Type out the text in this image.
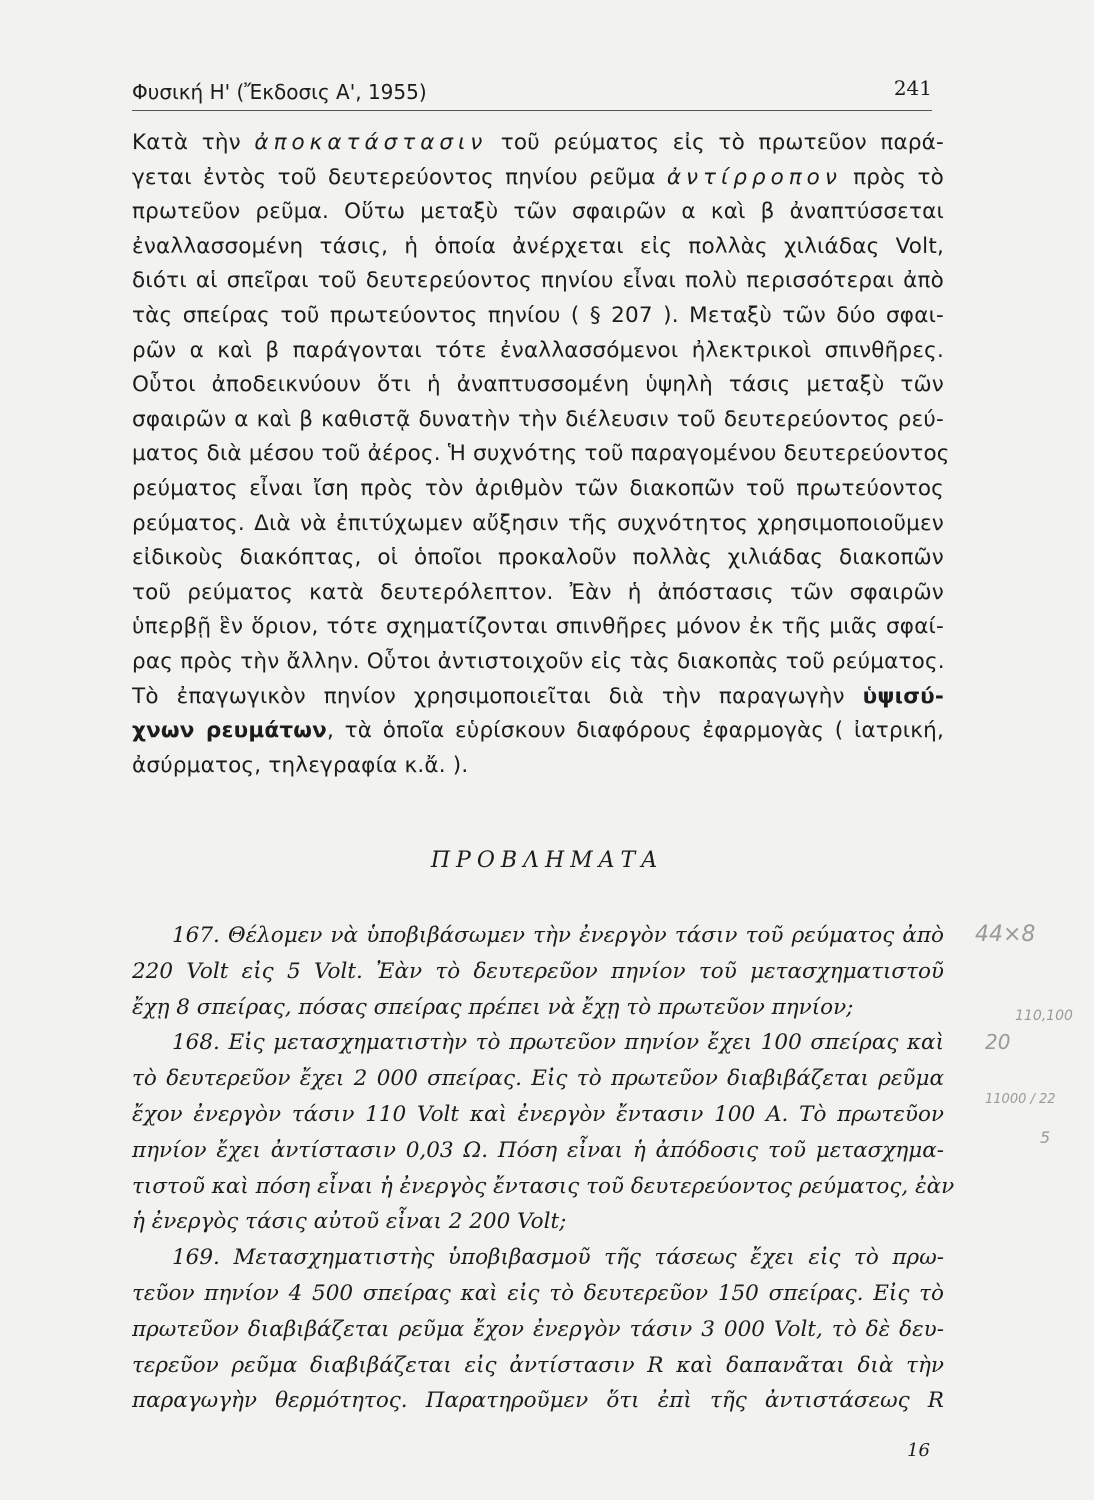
Φυσική Η' (Ἔκδοσις Α', 1955)	241
Κατὰ τὴν ἀποκατάστασιν τοῦ ρεύματος εἰς τὸ πρωτεῦον παρά-
γεται ἐντὸς τοῦ δευτερεύοντος πηνίου ρεῦμα ἀντίρροπον πρὸς τὸ
πρωτεῦον ρεῦμα. Οὕτω μεταξὺ τῶν σφαιρῶν α καὶ β ἀναπτύσσεται
ἐναλλασσομένη τάσις, ἡ ὁποία ἀνέρχεται εἰς πολλὰς χιλιάδας Volt,
διότι αἱ σπεῖραι τοῦ δευτερεύοντος πηνίου εἶναι πολὺ περισσότεραι ἀπὸ
τὰς σπείρας τοῦ πρωτεύοντος πηνίου ( § 207 ). Μεταξὺ τῶν δύο σφαι-
ρῶν α καὶ β παράγονται τότε ἐναλλασσόμενοι ἠλεκτρικοὶ σπινθῆρες.
Οὗτοι ἀποδεικνύουν ὅτι ἡ ἀναπτυσσομένη ὑψηλὴ τάσις μεταξὺ τῶν
σφαιρῶν α καὶ β καθιστᾷ δυνατὴν τὴν διέλευσιν τοῦ δευτερεύοντος ρεύ-
ματος διὰ μέσου τοῦ ἀέρος. Ἡ συχνότης τοῦ παραγομένου δευτερεύοντος
ρεύματος εἶναι ἴση πρὸς τὸν ἀριθμὸν τῶν διακοπῶν τοῦ πρωτεύοντος
ρεύματος. Διὰ νὰ ἐπιτύχωμεν αὔξησιν τῆς συχνότητος χρησιμοποιοῦμεν
εἰδικοὺς διακόπτας, οἱ ὁποῖοι προκαλοῦν πολλὰς χιλιάδας διακοπῶν
τοῦ ρεύματος κατὰ δευτερόλεπτον. Ἐὰν ἡ ἀπόστασις τῶν σφαιρῶν
ὑπερβῇ ἓν ὅριον, τότε σχηματίζονται σπινθῆρες μόνον ἐκ τῆς μιᾶς σφαί-
ρας πρὸς τὴν ἄλλην. Οὗτοι ἀντιστοιχοῦν εἰς τὰς διακοπὰς τοῦ ρεύματος.
Τὸ ἐπαγωγικὸν πηνίον χρησιμοποιεῖται διὰ τὴν παραγωγὴν ὑψισύ-
χνων ρευμάτων, τὰ ὁποῖα εὑρίσκουν διαφόρους ἐφαρμογὰς ( ἰατρική,
ἀσύρματος, τηλεγραφία κ.ἄ. ).
ΠΡΟΒΛΗΜΑΤΑ
167. Θέλομεν νὰ ὑποβιβάσωμεν τὴν ἐνεργὸν τάσιν τοῦ ρεύματος ἀπὸ
220 Volt εἰς 5 Volt. Ἐὰν τὸ δευτερεῦον πηνίον τοῦ μετασχηματιστοῦ
ἔχῃ 8 σπείρας, πόσας σπείρας πρέπει νὰ ἔχῃ τὸ πρωτεῦον πηνίον;
168. Εἰς μετασχηματιστὴν τὸ πρωτεῦον πηνίον ἔχει 100 σπείρας καὶ
τὸ δευτερεῦον ἔχει 2 000 σπείρας. Εἰς τὸ πρωτεῦον διαβιβάζεται ρεῦμα
ἔχον ἐνεργὸν τάσιν 110 Volt καὶ ἐνεργὸν ἔντασιν 100 A. Τὸ πρωτεῦον
πηνίον ἔχει ἀντίστασιν 0,03 Ω. Πόση εἶναι ἡ ἀπόδοσις τοῦ μετασχημα-
τιστοῦ καὶ πόση εἶναι ἡ ἐνεργὸς ἔντασις τοῦ δευτερεύοντος ρεύματος, ἐὰν
ἡ ἐνεργὸς τάσις αὐτοῦ εἶναι 2 200 Volt;
169. Μετασχηματιστὴς ὑποβιβασμοῦ τῆς τάσεως ἔχει εἰς τὸ πρω-
τεῦον πηνίον 4 500 σπείρας καὶ εἰς τὸ δευτερεῦον 150 σπείρας. Εἰς τὸ
πρωτεῦον διαβιβάζεται ρεῦμα ἔχον ἐνεργὸν τάσιν 3 000 Volt, τὸ δὲ δευ-
τερεῦον ρεῦμα διαβιβάζεται εἰς ἀντίστασιν R καὶ δαπανᾶται διὰ τὴν
παραγωγὴν θερμότητος. Παρατηροῦμεν ὅτι ἐπὶ τῆς ἀντιστάσεως R
16
44×8
110,100
20
11000 / 22
5
